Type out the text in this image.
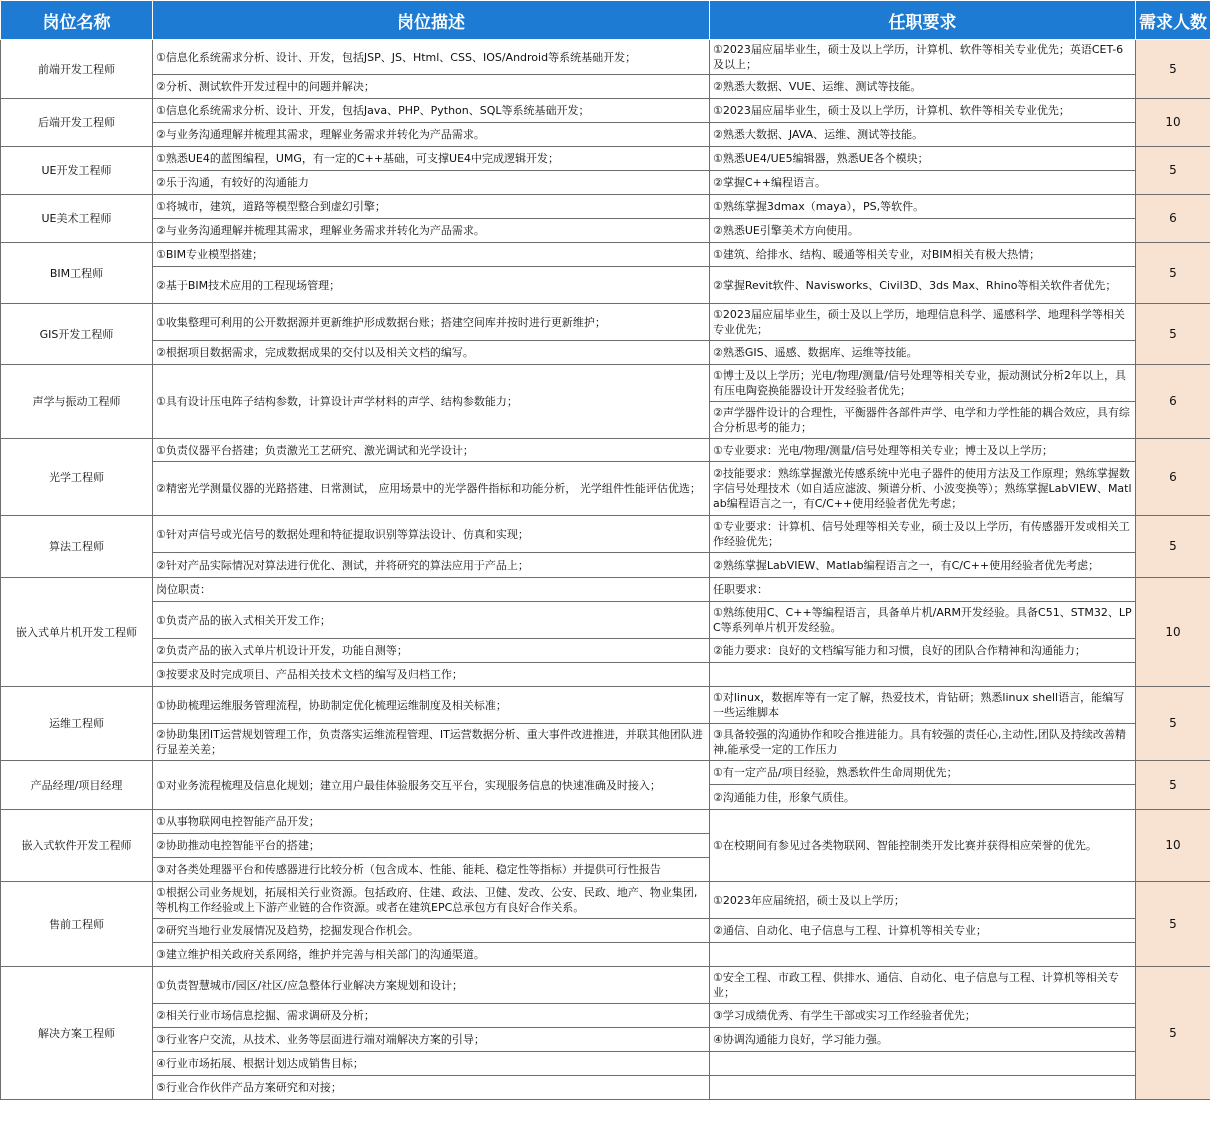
岗位名称	岗位描述	任职要求	需求人数
前端开发工程师	①信息化系统需求分析、设计、开发，包括JSP、JS、Html、CSS、IOS/Android等系统基础开发；	①2023届应届毕业生，硕士及以上学历，计算机、软件等相关专业优先；英语CET-6及以上；	5
	②分析、测试软件开发过程中的问题并解决；	②熟悉大数据、VUE、运维、测试等技能。	
后端开发工程师	①信息化系统需求分析、设计、开发，包括Java、PHP、Python、SQL等系统基础开发；	①2023届应届毕业生，硕士及以上学历，计算机、软件等相关专业优先；	10
	②与业务沟通理解并梳理其需求，理解业务需求并转化为产品需求。	②熟悉大数据、JAVA、运维、测试等技能。	
UE开发工程师	①熟悉UE4的蓝图编程，UMG，有一定的C++基础，可支撑UE4中完成逻辑开发；	①熟悉UE4/UE5编辑器，熟悉UE各个模块；	5
	②乐于沟通，有较好的沟通能力	②掌握C++编程语言。	
UE美术工程师	①将城市，建筑，道路等模型整合到虚幻引擎；	①熟练掌握3dmax（maya），PS,等软件。	6
	②与业务沟通理解并梳理其需求，理解业务需求并转化为产品需求。	②熟悉UE引擎美术方向使用。	
BIM工程师	①BIM专业模型搭建；	①建筑、给排水、结构、暖通等相关专业，对BIM相关有极大热情；	5
	②基于BIM技术应用的工程现场管理；	②掌握Revit软件、Navisworks、Civil3D、3ds Max、Rhino等相关软件者优先；	
GIS开发工程师	①收集整理可利用的公开数据源并更新维护形成数据台账；搭建空间库并按时进行更新维护；	①2023届应届毕业生，硕士及以上学历，地理信息科学、遥感科学、地理科学等相关专业优先；	5
	②根据项目数据需求，完成数据成果的交付以及相关文档的编写。	②熟悉GIS、遥感、数据库、运维等技能。	
声学与振动工程师	①具有设计压电阵子结构参数，计算设计声学材料的声学、结构参数能力；	①博士及以上学历；光电/物理/测量/信号处理等相关专业，振动测试分析2年以上，具有压电陶瓷换能器设计开发经验者优先；	6
		②声学器件设计的合理性，平衡器件各部件声学、电学和力学性能的耦合效应，具有综合分析思考的能力；	
光学工程师	①负责仪器平台搭建；负责激光工艺研究、激光调试和光学设计；	①专业要求：光电/物理/测量/信号处理等相关专业；博士及以上学历；	6
	②精密光学测量仪器的光路搭建、日常测试， 应用场景中的光学器件指标和功能分析， 光学组件性能评估优选；	②技能要求：熟练掌握激光传感系统中光电子器件的使用方法及工作原理；熟练掌握数字信号处理技术（如自适应滤波、频谱分析、小波变换等）；熟练掌握LabVIEW、Matlab编程语言之一，有C/C++使用经验者优先考虑；	
算法工程师	①针对声信号或光信号的数据处理和特征提取识别等算法设计、仿真和实现；	①专业要求：计算机、信号处理等相关专业，硕士及以上学历，有传感器开发或相关工作经验优先；	5
	②针对产品实际情况对算法进行优化、测试，并将研究的算法应用于产品上；	②熟练掌握LabVIEW、Matlab编程语言之一，有C/C++使用经验者优先考虑；	
嵌入式单片机开发工程师	岗位职责：	任职要求：	10
	①负责产品的嵌入式相关开发工作；	①熟练使用C、C++等编程语言，具备单片机/ARM开发经验。具备C51、STM32、LPC等系列单片机开发经验。	
	②负责产品的嵌入式单片机设计开发，功能自测等；	②能力要求：良好的文档编写能力和习惯，良好的团队合作精神和沟通能力；	
	③按要求及时完成项目、产品相关技术文档的编写及归档工作；		
运维工程师	①协助梳理运维服务管理流程，协助制定优化梳理运维制度及相关标准；	①对linux，数据库等有一定了解，热爱技术，肯钻研；熟悉linux shell语言，能编写一些运维脚本	5
	②协助集团IT运营规划管理工作，负责落实运维流程管理、IT运营数据分析、重大事件改进推进，并联其他团队进行显差关差；	③具备较强的沟通协作和咬合推进能力。具有较强的责任心,主动性,团队及持续改善精神,能承受一定的工作压力	
产品经理/项目经理	①对业务流程梳理及信息化规划；建立用户最佳体验服务交互平台，实现服务信息的快速准确及时接入；	①有一定产品/项目经验，熟悉软件生命周期优先；	5
		②沟通能力佳，形象气质佳。	
嵌入式软件开发工程师	①从事物联网电控智能产品开发；	①在校期间有参见过各类物联网、智能控制类开发比赛并获得相应荣誉的优先。	10
	②协助推动电控智能平台的搭建；		
	③对各类处理器平台和传感器进行比较分析（包含成本、性能、能耗、稳定性等指标）并提供可行性报告		
售前工程师	①根据公司业务规划，拓展相关行业资源。包括政府、住建、政法、卫健、发改、公安、民政、地产、物业集团,等机构工作经验或上下游产业链的合作资源。或者在建筑EPC总承包方有良好合作关系。	①2023年应届统招，硕士及以上学历；	5
	②研究当地行业发展情况及趋势，挖掘发现合作机会。	②通信、自动化、电子信息与工程、计算机等相关专业；	
	③建立维护相关政府关系网络，维护并完善与相关部门的沟通渠道。		
解决方案工程师	①负责智慧城市/园区/社区/应急整体行业解决方案规划和设计；	①安全工程、市政工程、供排水、通信、自动化、电子信息与工程、计算机等相关专业；	5
	②相关行业市场信息挖掘、需求调研及分析；	③学习成绩优秀、有学生干部或实习工作经验者优先；	
	③行业客户交流，从技术、业务等层面进行端对端解决方案的引导；	④协调沟通能力良好，学习能力强。	
	④行业市场拓展、根据计划达成销售目标；		
	⑤行业合作伙伴产品方案研究和对接；		
